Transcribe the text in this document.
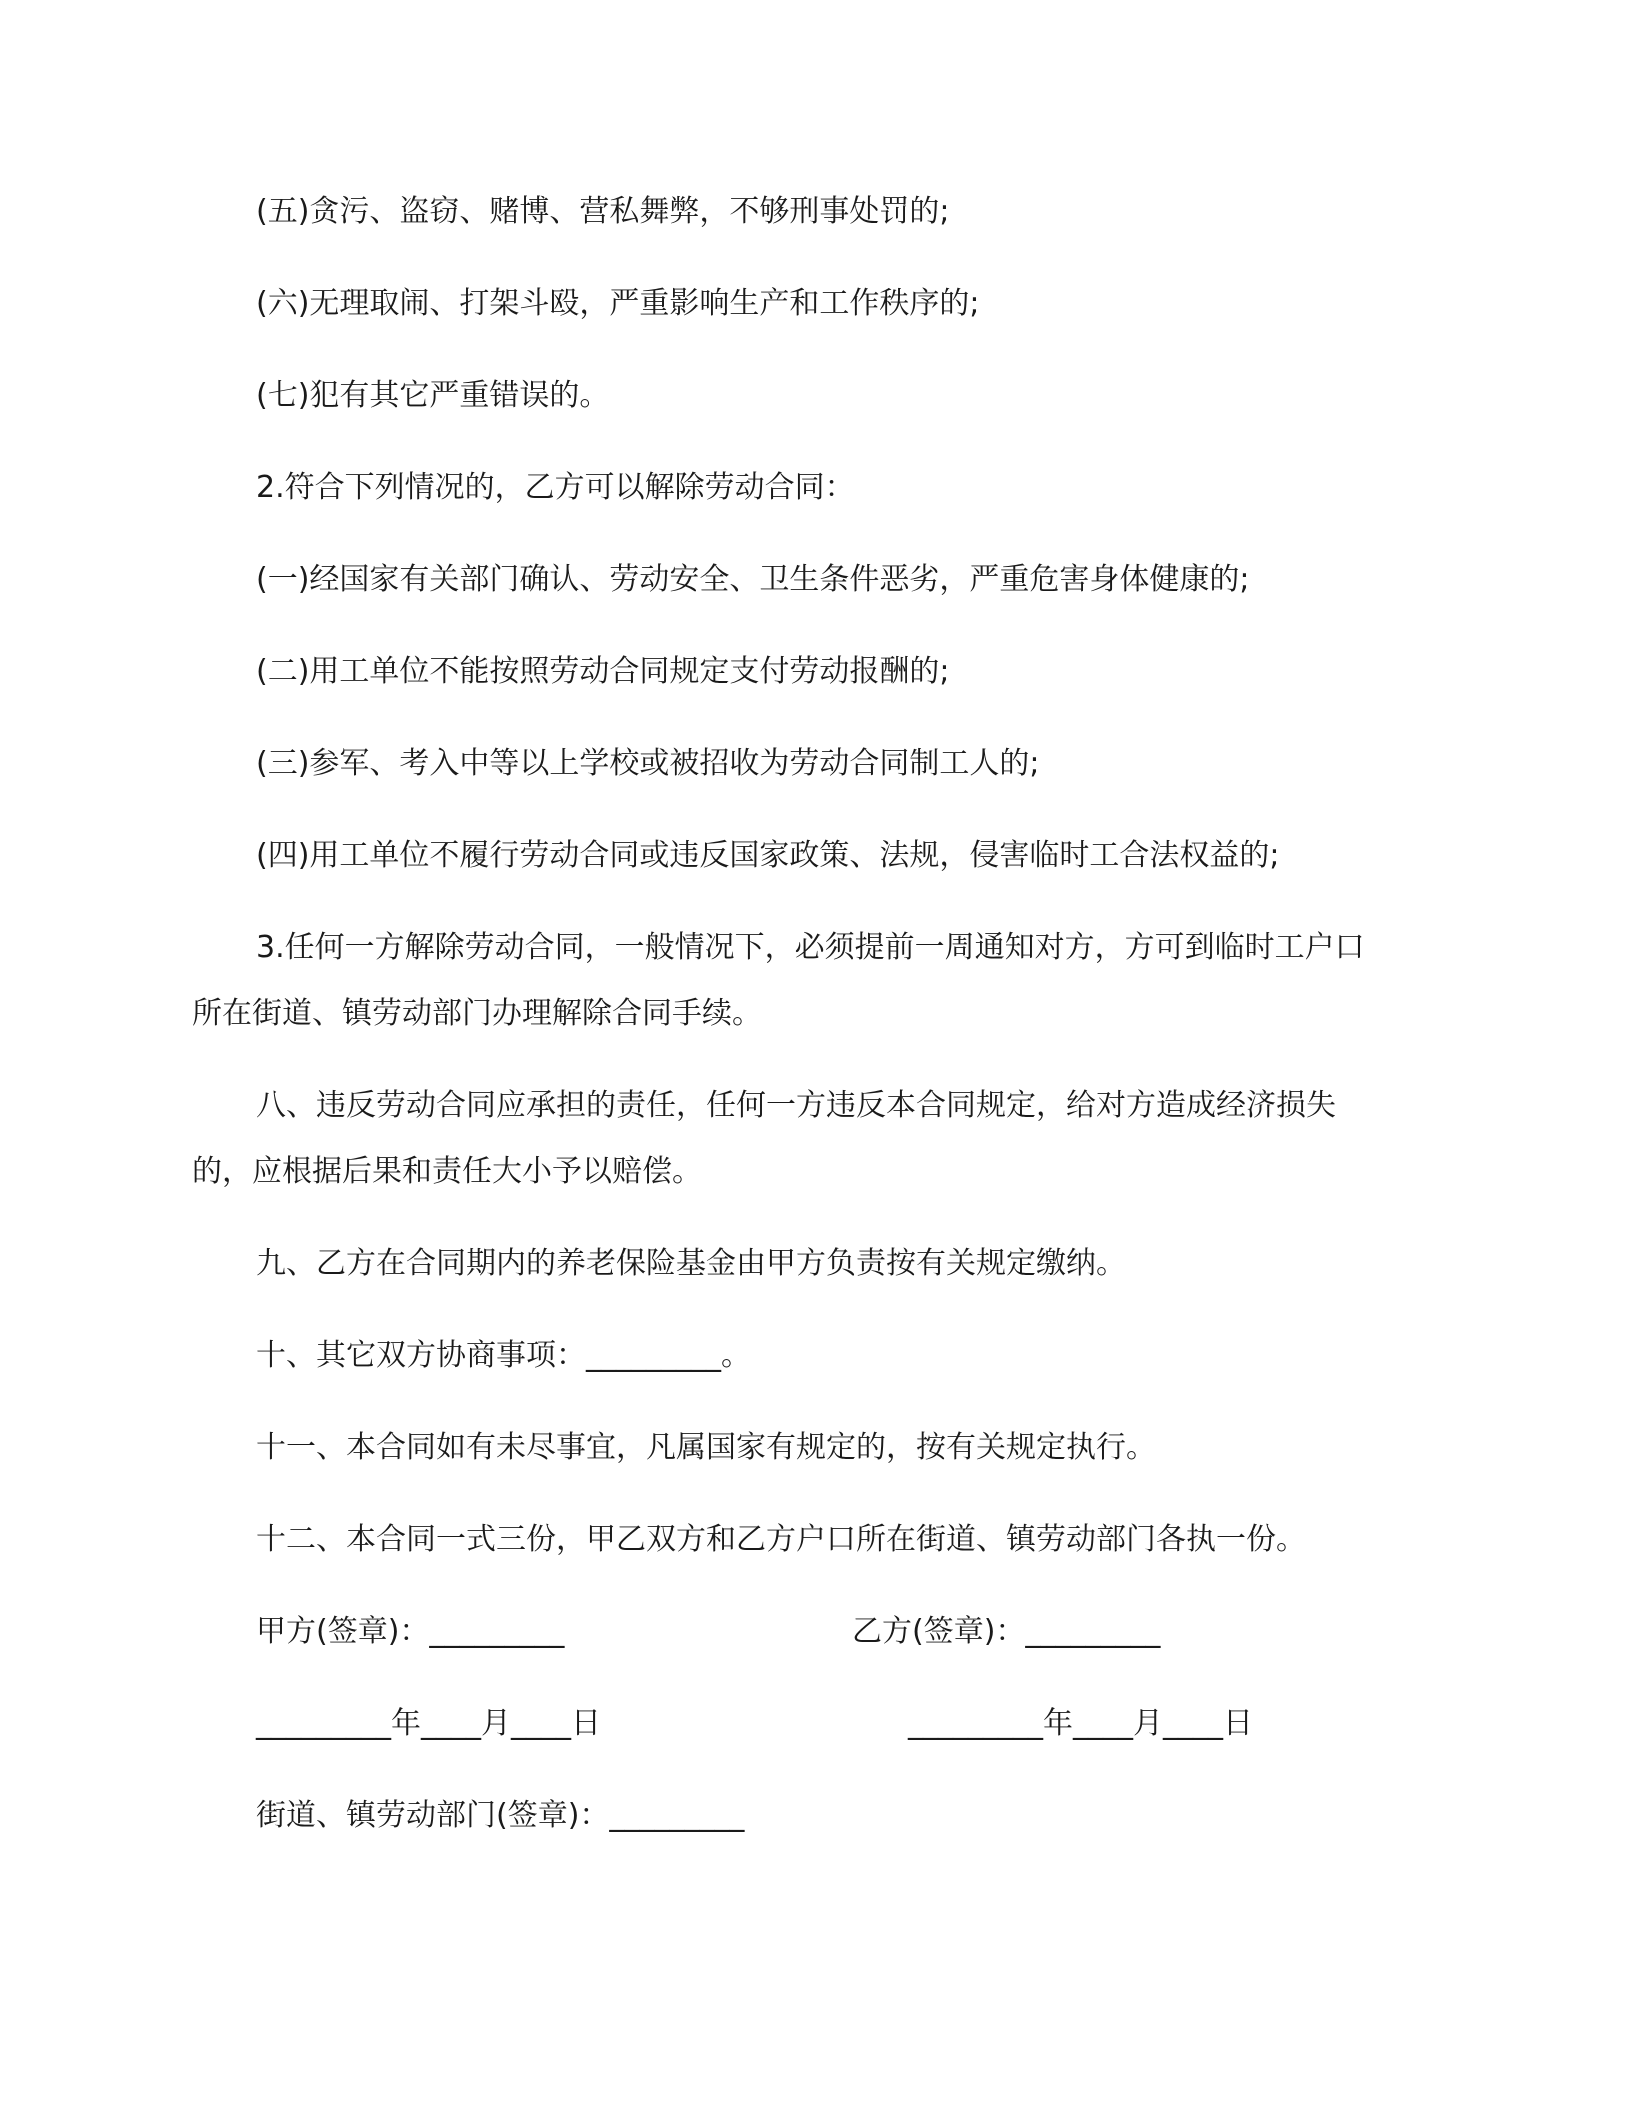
(五)贪污、盗窃、赌博、营私舞弊，不够刑事处罚的;
(六)无理取闹、打架斗殴，严重影响生产和工作秩序的;
(七)犯有其它严重错误的。
2.符合下列情况的，乙方可以解除劳动合同：
(一)经国家有关部门确认、劳动安全、卫生条件恶劣，严重危害身体健康的;
(二)用工单位不能按照劳动合同规定支付劳动报酬的;
(三)参军、考入中等以上学校或被招收为劳动合同制工人的;
(四)用工单位不履行劳动合同或违反国家政策、法规，侵害临时工合法权益的;
3.任何一方解除劳动合同，一般情况下，必须提前一周通知对方，方可到临时工户口
所在街道、镇劳动部门办理解除合同手续。
八、违反劳动合同应承担的责任，任何一方违反本合同规定，给对方造成经济损失
的，应根据后果和责任大小予以赔偿。
九、乙方在合同期内的养老保险基金由甲方负责按有关规定缴纳。
十、其它双方协商事项：_________。
十一、本合同如有未尽事宜，凡属国家有规定的，按有关规定执行。
十二、本合同一式三份，甲乙双方和乙方户口所在街道、镇劳动部门各执一份。
甲方(签章)：_________	乙方(签章)：_________
_________年____月____日	_________年____月____日
街道、镇劳动部门(签章)：_________
